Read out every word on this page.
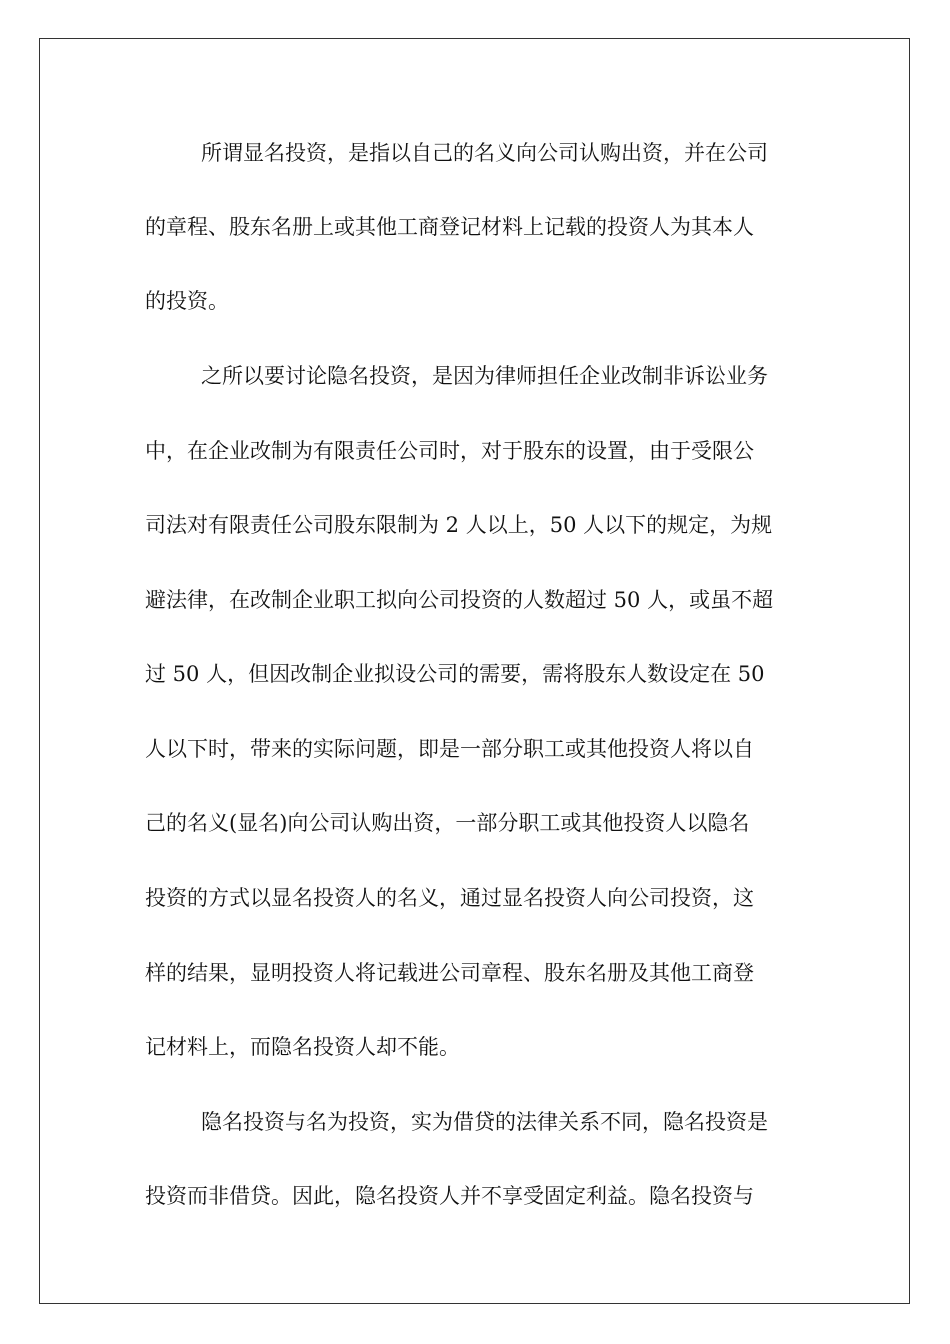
所谓显名投资，是指以自己的名义向公司认购出资，并在公司
的章程、股东名册上或其他工商登记材料上记载的投资人为其本人
的投资。
之所以要讨论隐名投资，是因为律师担任企业改制非诉讼业务
中，在企业改制为有限责任公司时，对于股东的设置，由于受限公
司法对有限责任公司股东限制为 2 人以上，50 人以下的规定，为规
避法律，在改制企业职工拟向公司投资的人数超过 50 人，或虽不超
过 50 人，但因改制企业拟设公司的需要，需将股东人数设定在 50
人以下时，带来的实际问题，即是一部分职工或其他投资人将以自
己的名义(显名)向公司认购出资，一部分职工或其他投资人以隐名
投资的方式以显名投资人的名义，通过显名投资人向公司投资，这
样的结果，显明投资人将记载进公司章程、股东名册及其他工商登
记材料上，而隐名投资人却不能。
隐名投资与名为投资，实为借贷的法律关系不同，隐名投资是
投资而非借贷。因此，隐名投资人并不享受固定利益。隐名投资与
